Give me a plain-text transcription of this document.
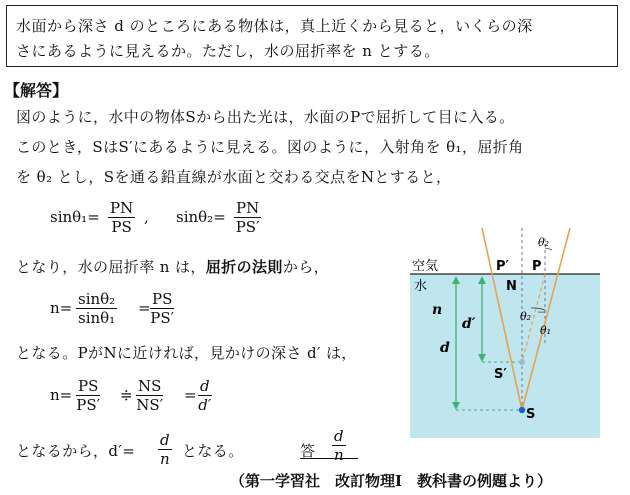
水面から深さ d のところにある物体は，真上近くから見ると，いくらの深
さにあるように見えるか。ただし，水の屈折率を n とする。
【解答】
図のように，水中の物体Sから出た光は，水面のPで屈折して目に入る。
このとき，SはS′にあるように見える。図のように，入射角を θ₁，屈折角
を θ₂ とし，Sを通る鉛直線が水面と交わる交点をNとすると，
$\sin\theta_1= \frac{PN}{PS}$ , $\sin\theta_2= \frac{PN}{PS'}$
となり，水の屈折率 n は，屈折の法則から，
$n= \frac{\text{sinθ₂}}{\text{sinθ₁}} = \frac{PS}{PS'}$
となる。PがNに近ければ，見かけの深さ d′ は，
$n= \frac{PS}{PS'}$ ≑ $\frac{NS}{NS'} = \frac{d}{d'}$
となるから，$d'= \frac{d}{n}$ となる。	答 $\frac{d}{n}$
（第一学習社　改訂物理Ⅰ　教科書の例題より）
空気
水
n
P′ P
N
d′
d
S′
S
θ₂
θ₂
θ₁
